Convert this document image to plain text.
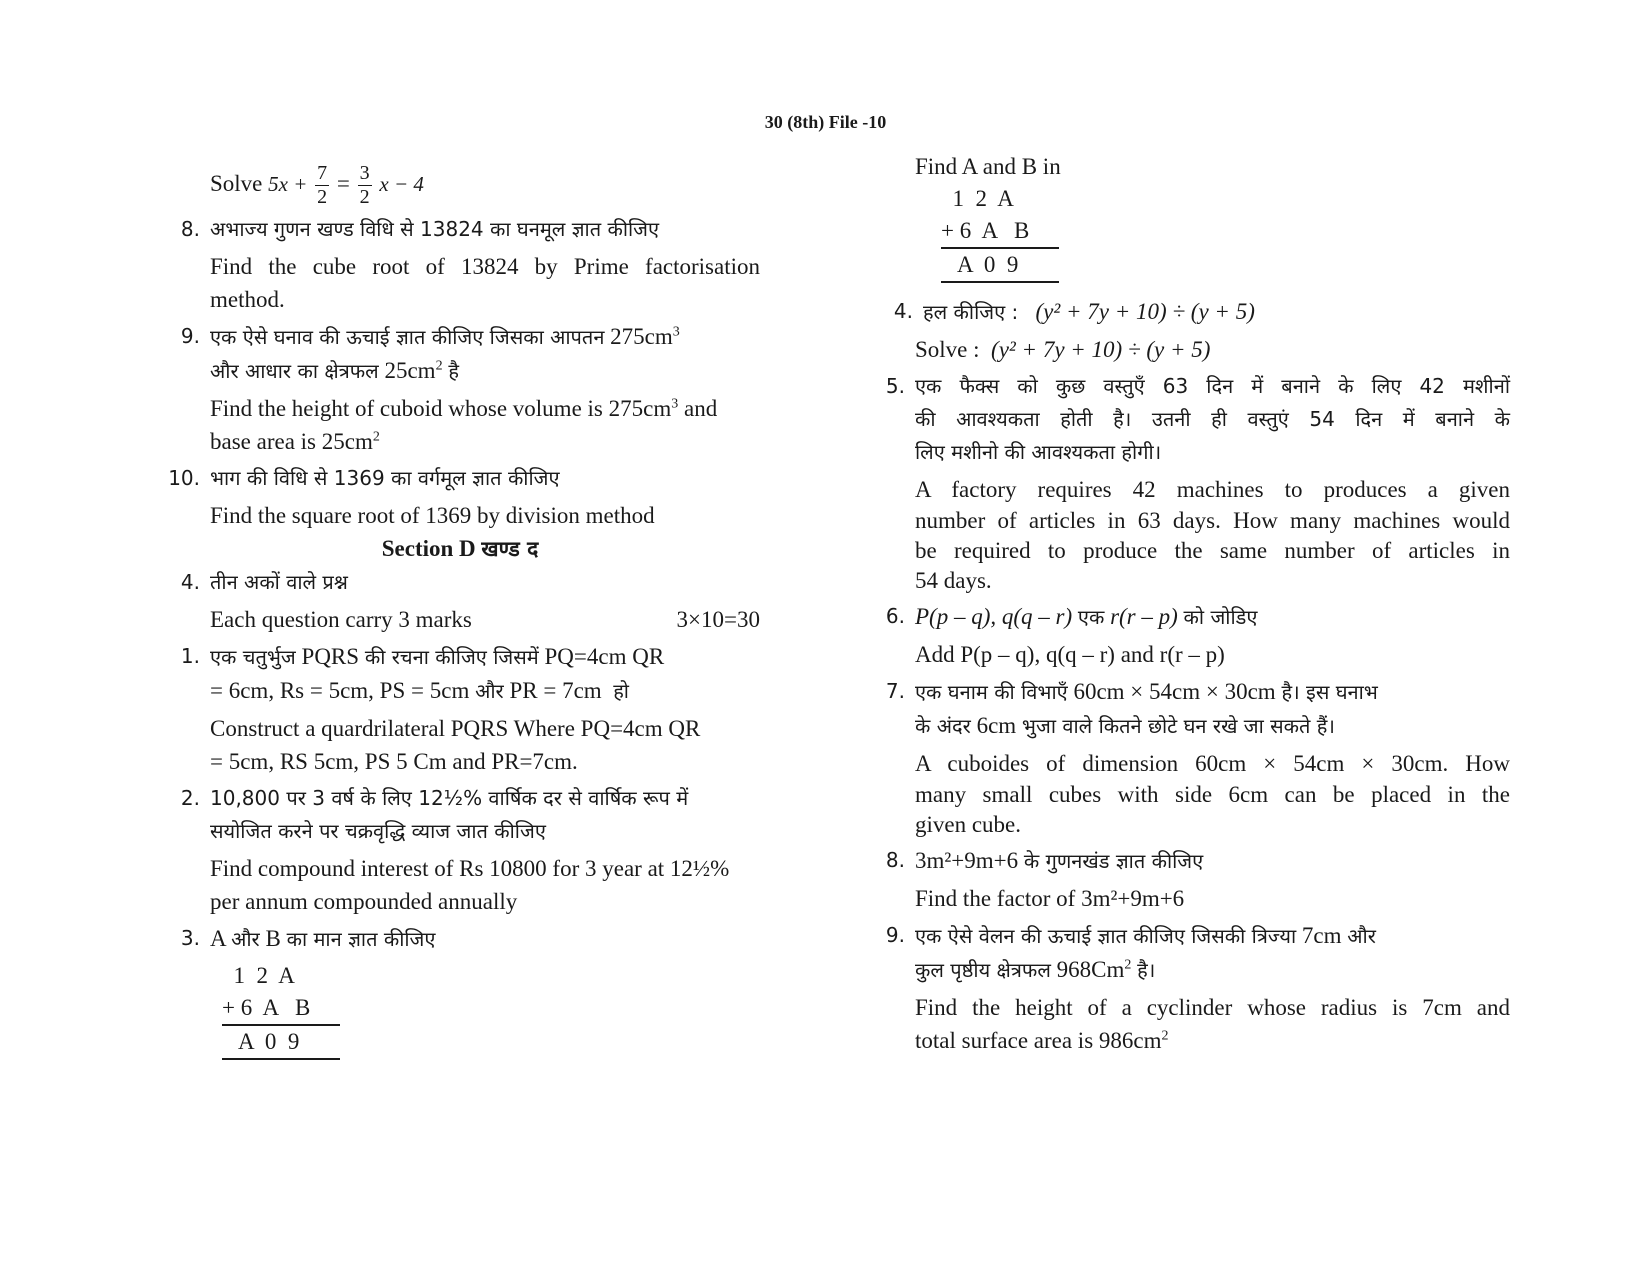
30 (8th) File -10
Solve $5x + \frac{7}{2} = \frac{3}{2}$ x − 4
8. अभाज्य गुणन खण्ड विधि से 13824 का घनमूल ज्ञात कीजिए
Find the cube root of 13824 by Prime factorisation
method.
9. एक ऐसे घनाव की ऊचाई ज्ञात कीजिए जिसका आपतन $275cm^3$
और आधार का क्षेत्रफल $25cm^2$ है
Find the height of cuboid whose volume is $275cm^3$ and
base area is $25cm^2$
10. भाग की विधि से 1369 का वर्गमूल ज्ञात कीजिए
Find the square root of 1369 by division method
Section D खण्ड द
4. तीन अकों वाले प्रश्न
Each question carry 3 marks	3×10=30
1. एक चतुर्भुज PQRS की रचना कीजिए जिसमें PQ=4cm QR
= 6cm, Rs = 5cm, PS = 5cm और PR = 7cm हो
Construct a quardrilateral PQRS Where PQ=4cm QR
= 5cm, RS 5cm, PS 5 Cm and PR=7cm.
2. 10,800 पर 3 वर्ष के लिए 12½% वार्षिक दर से वार्षिक रूप में
सयोजित करने पर चक्रवृद्धि व्याज जात कीजिए
Find compound interest of Rs 10800 for 3 year at 12½%
per annum compounded annually
3. A और B का मान ज्ञात कीजिए
1  2  A
+ 6  A   B
A  0  9
Find A and B in
1  2  A
+ 6  A   B
A  0  9
4. हल कीजिए : (y² + 7y + 10) ÷ (y + 5)
Solve : (y² + 7y + 10) ÷ (y + 5)
5. एक फैक्स को कुछ वस्तुएँ 63 दिन में बनाने के लिए 42 मशीनों
की आवश्यकता होती है। उतनी ही वस्तुएं 54 दिन में बनाने के
लिए मशीनो की आवश्यकता होगी।
A factory requires 42 machines to produces a given
number of articles in 63 days. How many machines would
be required to produce the same number of articles in
54 days.
6. P(p – q), q(q – r) एक r(r – p) को जोडिए
Add P(p – q), q(q – r) and r(r – p)
7. एक घनाम की विभाएँ 60cm × 54cm × 30cm है। इस घनाभ
के अंदर 6cm भुजा वाले कितने छोटे घन रखे जा सकते हैं।
A cuboides of dimension 60cm × 54cm × 30cm. How
many small cubes with side 6cm can be placed in the
given cube.
8. 3m²+9m+6 के गुणनखंड ज्ञात कीजिए
Find the factor of 3m²+9m+6
9. एक ऐसे वेलन की ऊचाई ज्ञात कीजिए जिसकी त्रिज्या 7cm और
कुल पृष्ठीय क्षेत्रफल 968Cm$^2$ है।
Find the height of a cyclinder whose radius is 7cm and
total surface area is $986cm^2$
